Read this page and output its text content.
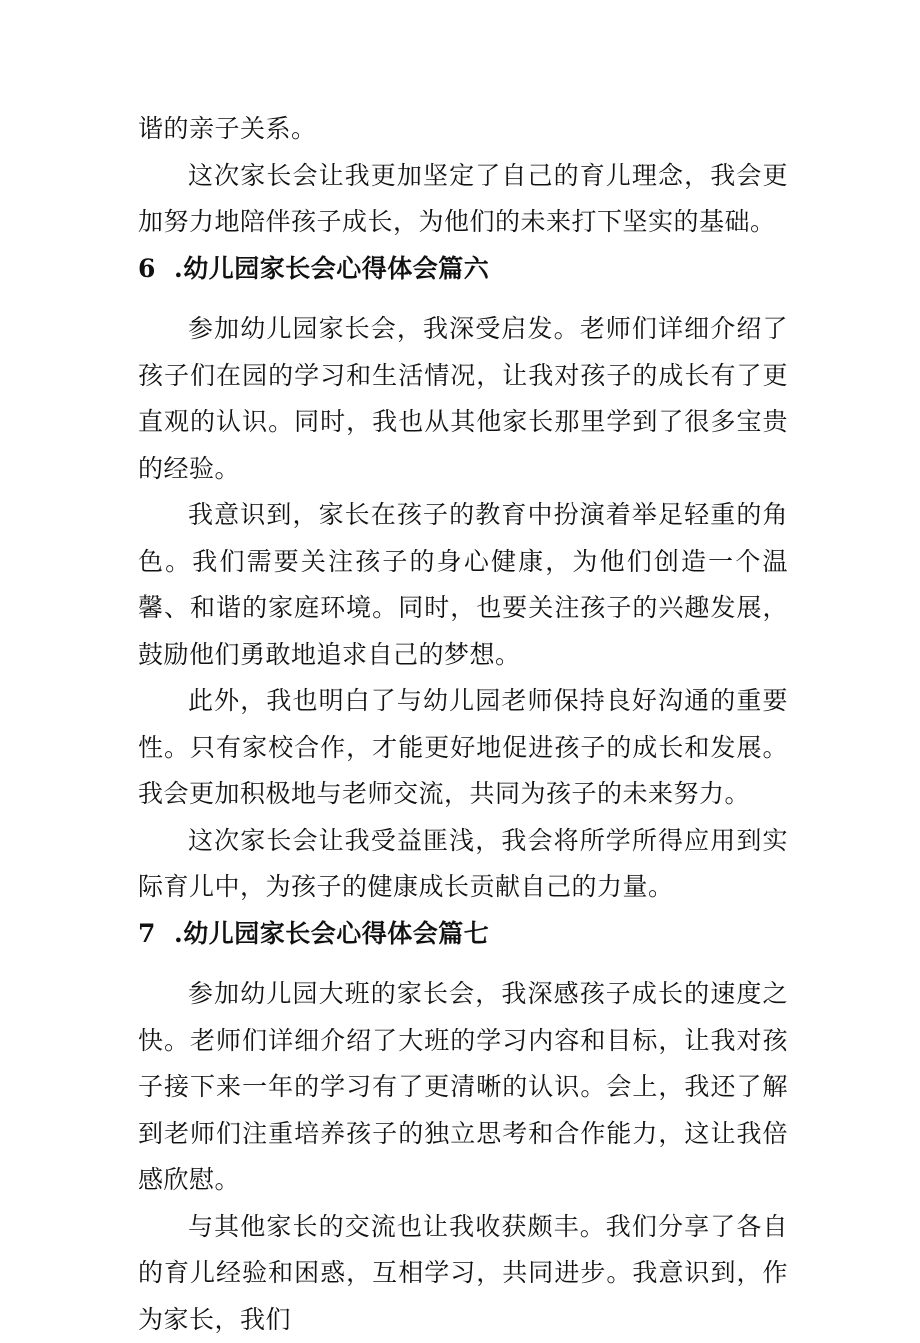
谐的亲子关系。

这次家长会让我更加坚定了自己的育儿理念，我会更加努力地陪伴孩子成长，为他们的未来打下坚实的基础。

6 .幼儿园家长会心得体会篇六

参加幼儿园家长会，我深受启发。老师们详细介绍了孩子们在园的学习和生活情况，让我对孩子的成长有了更直观的认识。同时，我也从其他家长那里学到了很多宝贵的经验。

我意识到，家长在孩子的教育中扮演着举足轻重的角色。我们需要关注孩子的身心健康，为他们创造一个温馨、和谐的家庭环境。同时，也要关注孩子的兴趣发展，鼓励他们勇敢地追求自己的梦想。

此外，我也明白了与幼儿园老师保持良好沟通的重要性。只有家校合作，才能更好地促进孩子的成长和发展。我会更加积极地与老师交流，共同为孩子的未来努力。

这次家长会让我受益匪浅，我会将所学所得应用到实际育儿中，为孩子的健康成长贡献自己的力量。

7 .幼儿园家长会心得体会篇七

参加幼儿园大班的家长会，我深感孩子成长的速度之快。老师们详细介绍了大班的学习内容和目标，让我对孩子接下来一年的学习有了更清晰的认识。会上，我还了解到老师们注重培养孩子的独立思考和合作能力，这让我倍感欣慰。

与其他家长的交流也让我收获颇丰。我们分享了各自的育儿经验和困惑，互相学习，共同进步。我意识到，作为家长，我们
